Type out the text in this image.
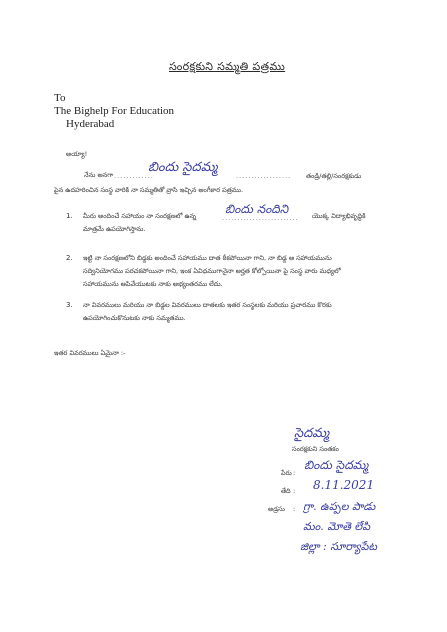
సంరక్షకుని సమ్మతి పత్రము
To
The Bighelp For Education
Hyderabad
అయ్యా!
నేను అనగా .............
బిందు సైదమ్మ
.................. తండ్రి/తల్లి/సంరక్షకుడు
పైన ఉదహరించిన సంస్థ వారికి నా సమ్మతితో వ్రాసి ఇచ్చిన అంగీకార పత్రము.
1. మీరు అందించే సహాయం నా సంరక్షణలో ఉన్న బిందు నందిని
......................... యొక్క విద్యాభివృద్ధికి
మాత్రమే ఉపయోగిస్తాను.
2. ఇట్టి నా సంరక్షణలోని బిడ్డకు అందించే సహాయము దాత ఠీకపోయినా గాని, నా బిడ్డ ఆ సహాయమును
సద్వినియోగము పరచకపోయినా గాని, ఇంక ఏవిధముగానైనా అర్హత కోల్పోయినా పై సంస్థ వారు మధ్యలో
సహాయమును ఆపివేయుటకు నాకు అభ్యంతరము లేదు.
3. నా వివరములు మరియు నా బిడ్డల వివరములు దాతలకు ఇతర సంస్థలకు మరియు ప్రచారము కొరకు
ఉపయోగించుకొనుటకు నాకు సమ్మతము.
ఇతర వివరములు ఏమైనా :-
సైదమ్మ
సంరక్షకుని సంతకం
పేరు :
బిందు సైదమ్మ
తేది : 8.11.2021
అడ్రసు : గ్రా. ఉప్పల పాడు
మం. మోతె లేపి
జిల్లా : సూర్యాపేట
